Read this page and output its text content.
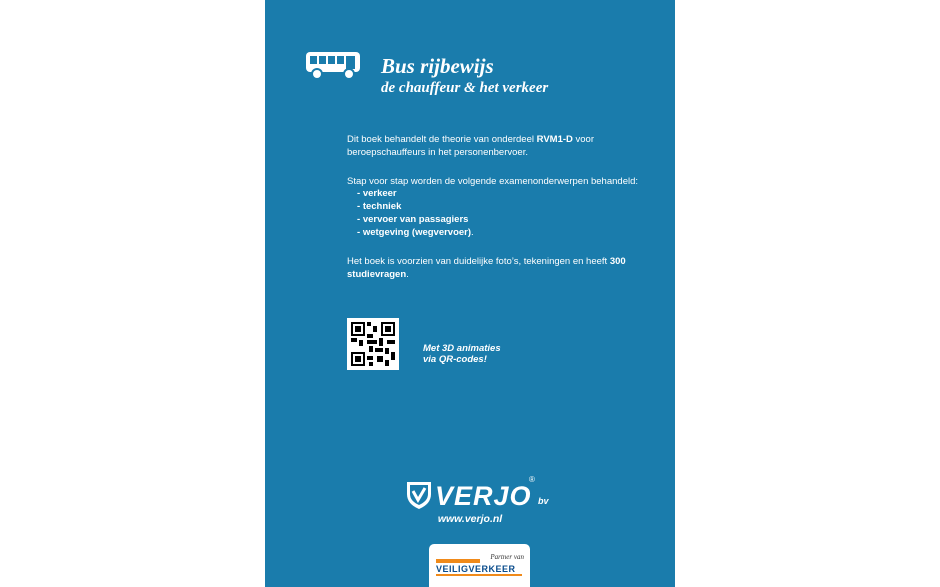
Bus rijbewijs
de chauffeur & het verkeer

Dit boek behandelt de theorie van onderdeel RVM1-D voor beroepschauffeurs in het personenbervoer.

Stap voor stap worden de volgende examenonderwerpen behandeld:

- verkeer
- techniek
- vervoer van passagiers
- wetgeving (wegvervoer).

Het boek is voorzien van duidelijke foto’s, tekeningen en heeft 300 studievragen.

Met 3D animaties
via QR-codes!

VERJO
®
bv

www.verjo.nl

Partner van
VEILIGVERKEER
